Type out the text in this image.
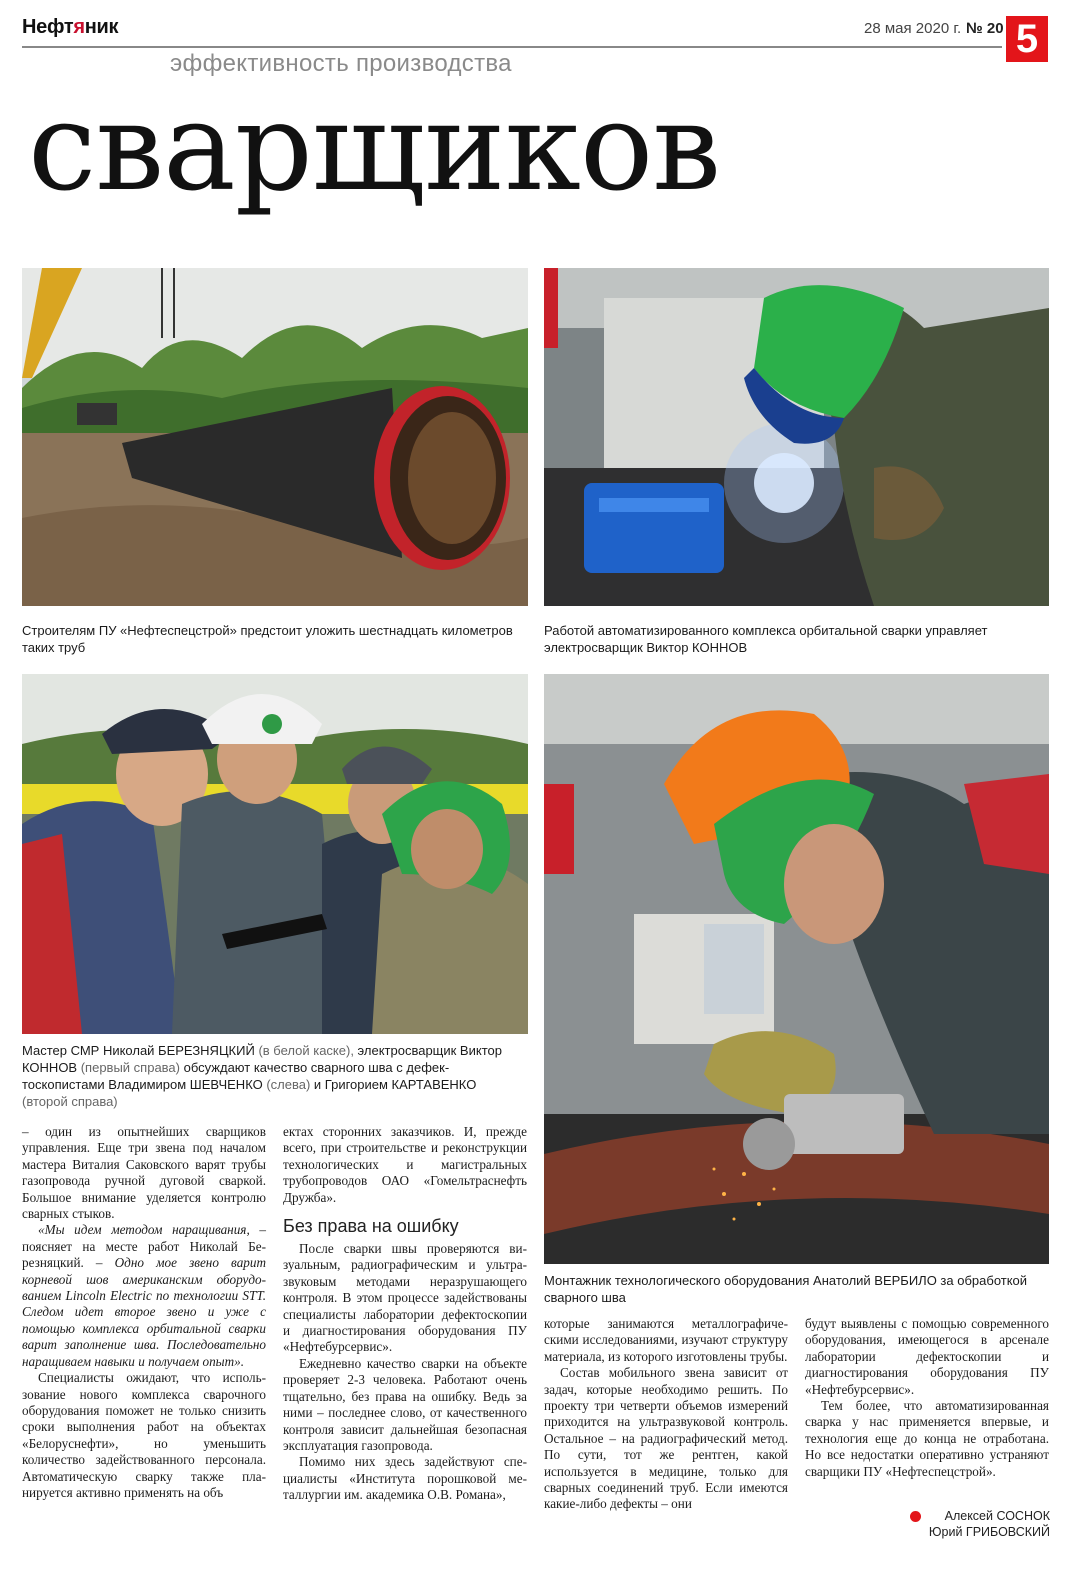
Нефтяник	28 мая 2020 г. № 20 5
эффективность производства
сварщиков
Строителям ПУ «Нефтеспецстрой» предстоит уложить шестнадцать километров таких труб
Работой автоматизированного комплекса орбитальной сварки управляет электросварщик Виктор КОННОВ
Мастер СМР Николай БЕРЕЗНЯЦКИЙ (в белой каске), электросварщик Виктор КОННОВ (первый справа) обсуждают качество сварного шва с дефектоскопистами Владимиром ШЕВЧЕНКО (слева) и Григорием КАРТАВЕНКО (второй справа)
Монтажник технологического оборудования Анатолий ВЕРБИЛО за обработкой сварного шва

– один из опытнейших сварщиков управления. Еще три звена под началом мастера Виталия Саковского варят трубы газопровода ручной дуговой сваркой. Большое внимание уделяется контролю сварных стыков.

«Мы идем методом наращивания, – поясняет на месте работ Николай Березняцкий. – Одно мое звено варит корневой шов американским оборудованием Lincoln Electric по технологии STT. Следом идет второе звено и уже с помощью комплекса орбитальной сварки варит заполнение шва. Последовательно наращиваем навыки и получаем опыт».

Специалисты ожидают, что использование нового комплекса сварочного оборудования поможет не только снизить сроки выполнения работ на объектах «Белоруснефти», но уменьшить количество задействованного персонала. Автоматическую сварку также планируется активно применять на объ

ектах сторонних заказчиков. И, прежде всего, при строительстве и реконструкции технологических и магистральных трубопроводов ОАО «Гомельтраснефть Дружба».

Без права на ошибку

После сварки швы проверяются визуальным, радиографическим и ультразвуковым методами неразрушающего контроля. В этом процессе задействованы специалисты лаборатории дефектоскопии и диагностирования оборудования ПУ «Нефтебурсервис».

Ежедневно качество сварки на объекте проверяет 2-3 человека. Работают очень тщательно, без права на ошибку. Ведь за ними – последнее слово, от качественного контроля зависит дальнейшая безопасная эксплуатация газопровода.

Помимо них здесь задействуют специалисты «Института порошковой металлургии им. академика О.В. Романа»,

которые занимаются металлографическими исследованиями, изучают структуру материала, из которого изготовлены трубы.

Состав мобильного звена зависит от задач, которые необходимо решить. По проекту три четверти объемов измерений приходится на ультразвуковой контроль. Остальное – на радиографический метод. По сути, тот же рентген, какой используется в медицине, только для сварных соединений труб. Если имеются какие-либо дефекты – они

будут выявлены с помощью современного оборудования, имеющегося в арсенале лаборатории дефектоскопии и диагностирования оборудования ПУ «Нефтебурсервис».

Тем более, что автоматизированная сварка у нас применяется впервые, и технология еще до конца не отработана. Но все недостатки оперативно устраняют сварщики ПУ «Нефтеспецстрой».

Алексей СОСНОК
Юрий ГРИБОВСКИЙ
